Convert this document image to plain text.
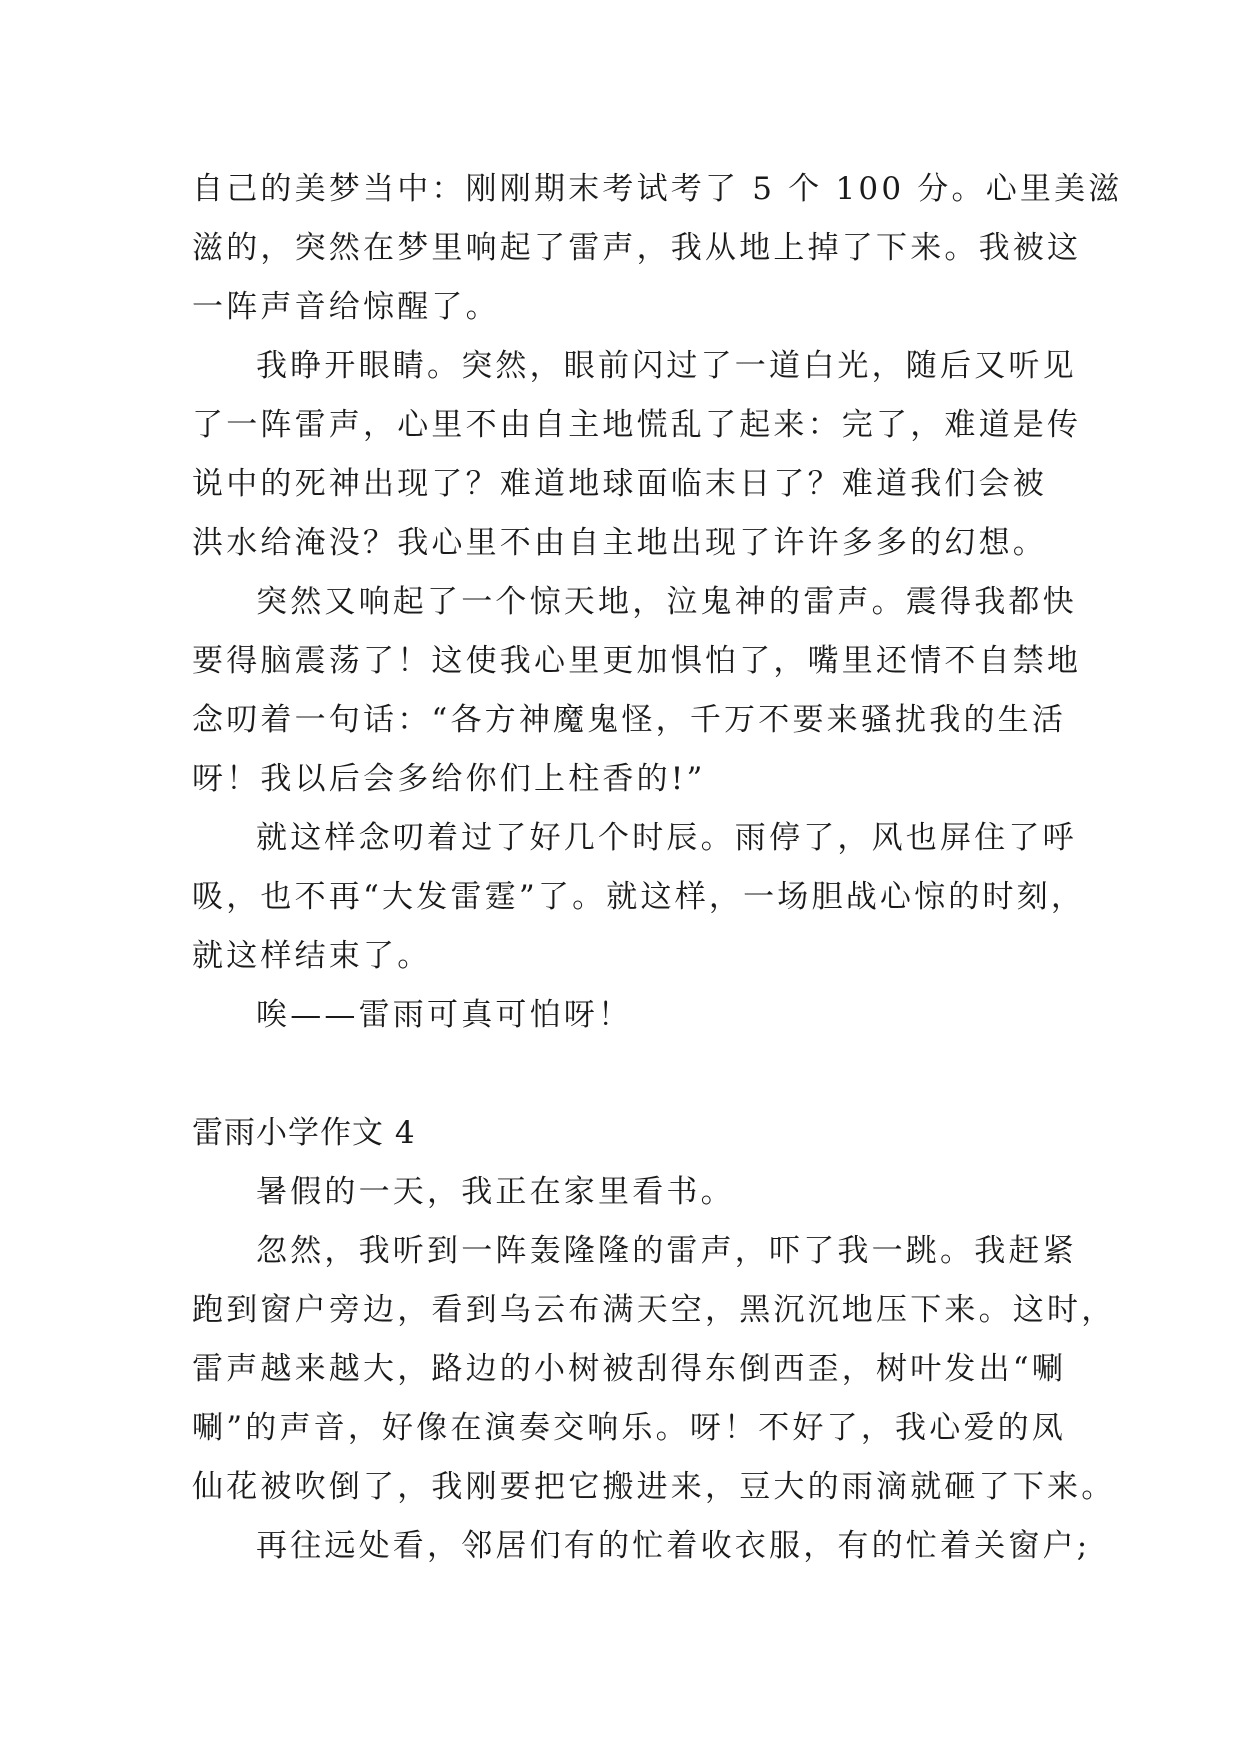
自己的美梦当中：刚刚期末考试考了 5 个 100 分。心里美滋
滋的，突然在梦里响起了雷声，我从地上掉了下来。我被这
一阵声音给惊醒了。
我睁开眼睛。突然，眼前闪过了一道白光，随后又听见
了一阵雷声，心里不由自主地慌乱了起来：完了，难道是传
说中的死神出现了？难道地球面临末日了？难道我们会被
洪水给淹没？我心里不由自主地出现了许许多多的幻想。
突然又响起了一个惊天地，泣鬼神的雷声。震得我都快
要得脑震荡了！这使我心里更加惧怕了，嘴里还情不自禁地
念叨着一句话：“各方神魔鬼怪，千万不要来骚扰我的生活
呀！我以后会多给你们上柱香的!”
就这样念叨着过了好几个时辰。雨停了，风也屏住了呼
吸，也不再“大发雷霆”了。就这样，一场胆战心惊的时刻，
就这样结束了。
唉——雷雨可真可怕呀！
雷雨小学作文 4
暑假的一天，我正在家里看书。
忽然，我听到一阵轰隆隆的雷声，吓了我一跳。我赶紧
跑到窗户旁边，看到乌云布满天空，黑沉沉地压下来。这时，
雷声越来越大，路边的小树被刮得东倒西歪，树叶发出“唰
唰”的声音，好像在演奏交响乐。呀！不好了，我心爱的凤
仙花被吹倒了，我刚要把它搬进来，豆大的雨滴就砸了下来。
再往远处看，邻居们有的忙着收衣服，有的忙着关窗户;
